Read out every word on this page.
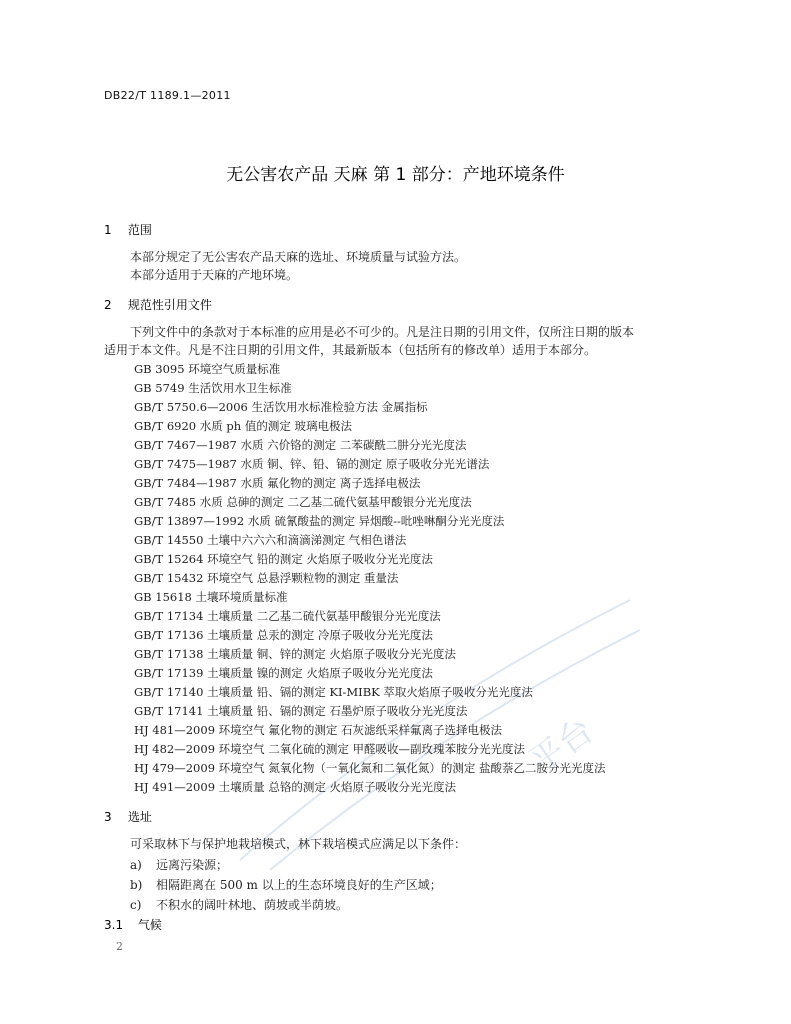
平台
DB22/T 1189.1—2011
无公害农产品 天麻 第 1 部分：产地环境条件
1 范围
本部分规定了无公害农产品天麻的选址、环境质量与试验方法。
本部分适用于天麻的产地环境。
2 规范性引用文件
下列文件中的条款对于本标准的应用是必不可少的。凡是注日期的引用文件，仅所注日期的版本
适用于本文件。凡是不注日期的引用文件，其最新版本（包括所有的修改单）适用于本部分。
GB 3095 环境空气质量标准
GB 5749 生活饮用水卫生标准
GB/T 5750.6—2006 生活饮用水标准检验方法 金属指标
GB/T 6920 水质 ph 值的测定 玻璃电极法
GB/T 7467—1987 水质 六价铬的测定 二苯碳酰二肼分光光度法
GB/T 7475—1987 水质 铜、锌、铅、镉的测定 原子吸收分光光谱法
GB/T 7484—1987 水质 氟化物的测定 离子选择电极法
GB/T 7485 水质 总砷的测定 二乙基二硫代氨基甲酸银分光光度法
GB/T 13897—1992 水质 硫氰酸盐的测定 异烟酸--吡唑啉酮分光光度法
GB/T 14550 土壤中六六六和滴滴涕测定 气相色谱法
GB/T 15264 环境空气 铅的测定 火焰原子吸收分光光度法
GB/T 15432 环境空气 总悬浮颗粒物的测定 重量法
GB 15618 土壤环境质量标准
GB/T 17134 土壤质量 二乙基二硫代氨基甲酸银分光光度法
GB/T 17136 土壤质量 总汞的测定 冷原子吸收分光光度法
GB/T 17138 土壤质量 铜、锌的测定 火焰原子吸收分光光度法
GB/T 17139 土壤质量 镍的测定 火焰原子吸收分光光度法
GB/T 17140 土壤质量 铅、镉的测定 KI-MIBK 萃取火焰原子吸收分光光度法
GB/T 17141 土壤质量 铅、镉的测定 石墨炉原子吸收分光光度法
HJ 481—2009 环境空气 氟化物的测定 石灰滤纸采样氟离子选择电极法
HJ 482—2009 环境空气 二氧化硫的测定 甲醛吸收—副玫瑰苯胺分光光度法
HJ 479—2009 环境空气 氮氧化物（一氧化氮和二氧化氮）的测定 盐酸萘乙二胺分光光度法
HJ 491—2009 土壤质量 总铬的测定 火焰原子吸收分光光度法
3 选址
可采取林下与保护地栽培模式，林下栽培模式应满足以下条件：
a) 远离污染源；
b) 相隔距离在 500 m 以上的生态环境良好的生产区域；
c) 不积水的阔叶林地、荫坡或半荫坡。
3.1 气候
2
